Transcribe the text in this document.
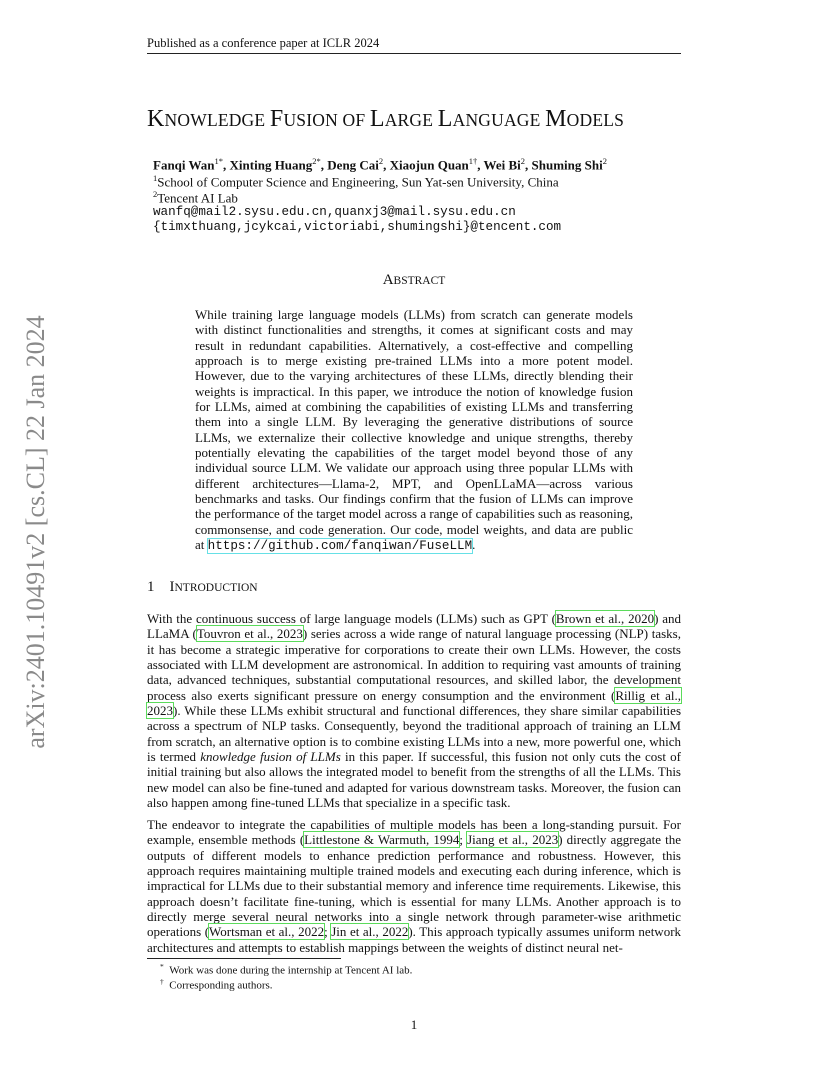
Published as a conference paper at ICLR 2024
arXiv:2401.10491v2 [cs.CL] 22 Jan 2024
KNOWLEDGE FUSION OF LARGE LANGUAGE MODELS
Fanqi Wan$^{1*}$, Xinting Huang$^{2*}$, Deng Cai$^2$, Xiaojun Quan$^{1\dagger}$, Wei Bi$^2$, Shuming Shi$^2$
$^1$School of Computer Science and Engineering, Sun Yat-sen University, China
$^2$Tencent AI Lab
wanfq@mail2.sysu.edu.cn,quanxj3@mail.sysu.edu.cn
{timxthuang,jcykcai,victoriabi,shumingshi}@tencent.com
ABSTRACT
While training large language models (LLMs) from scratch can generate models with distinct functionalities and strengths, it comes at significant costs and may result in redundant capabilities. Alternatively, a cost-effective and compelling approach is to merge existing pre-trained LLMs into a more potent model. However, due to the varying architectures of these LLMs, directly blending their weights is impractical. In this paper, we introduce the notion of knowledge fusion for LLMs, aimed at combining the capabilities of existing LLMs and transferring them into a single LLM. By leveraging the generative distributions of source LLMs, we externalize their collective knowledge and unique strengths, thereby potentially elevating the capabilities of the target model beyond those of any individual source LLM. We validate our approach using three popular LLMs with different architectures—Llama-2, MPT, and OpenLLaMA—across various benchmarks and tasks. Our findings confirm that the fusion of LLMs can improve the performance of the target model across a range of capabilities such as reasoning, commonsense, and code generation. Our code, model weights, and data are public at https://github.com/fanqiwan/FuseLLM.
1 INTRODUCTION
With the continuous success of large language models (LLMs) such as GPT (Brown et al., 2020) and LLaMA (Touvron et al., 2023) series across a wide range of natural language processing (NLP) tasks, it has become a strategic imperative for corporations to create their own LLMs. However, the costs associated with LLM development are astronomical. In addition to requiring vast amounts of training data, advanced techniques, substantial computational resources, and skilled labor, the development process also exerts significant pressure on energy consumption and the environment (Rillig et al., 2023). While these LLMs exhibit structural and functional differences, they share similar capabilities across a spectrum of NLP tasks. Consequently, beyond the traditional approach of training an LLM from scratch, an alternative option is to combine existing LLMs into a new, more powerful one, which is termed knowledge fusion of LLMs in this paper. If successful, this fusion not only cuts the cost of initial training but also allows the integrated model to benefit from the strengths of all the LLMs. This new model can also be fine-tuned and adapted for various downstream tasks. Moreover, the fusion can also happen among fine-tuned LLMs that specialize in a specific task.
The endeavor to integrate the capabilities of multiple models has been a long-standing pursuit. For example, ensemble methods (Littlestone & Warmuth, 1994; Jiang et al., 2023) directly aggregate the outputs of different models to enhance prediction performance and robustness. However, this approach requires maintaining multiple trained models and executing each during inference, which is impractical for LLMs due to their substantial memory and inference time requirements. Likewise, this approach doesn’t facilitate fine-tuning, which is essential for many LLMs. Another approach is to directly merge several neural networks into a single network through parameter-wise arithmetic operations (Wortsman et al., 2022; Jin et al., 2022). This approach typically assumes uniform network architectures and attempts to establish mappings between the weights of distinct neural net-
* Work was done during the internship at Tencent AI lab.
† Corresponding authors.
1
